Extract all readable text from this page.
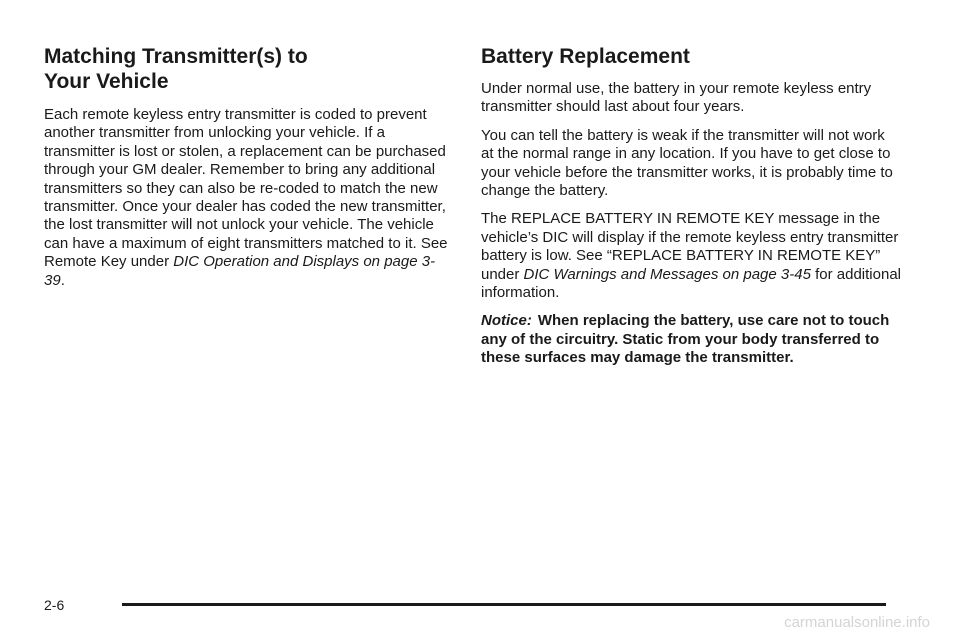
Matching Transmitter(s) to
Your Vehicle

Each remote keyless entry transmitter is coded to prevent another transmitter from unlocking your vehicle. If a transmitter is lost or stolen, a replacement can be purchased through your GM dealer. Remember to bring any additional transmitters so they can also be re-coded to match the new transmitter. Once your dealer has coded the new transmitter, the lost transmitter will not unlock your vehicle. The vehicle can have a maximum of eight transmitters matched to it. See Remote Key under DIC Operation and Displays on page 3-39.

Battery Replacement

Under normal use, the battery in your remote keyless entry transmitter should last about four years.

You can tell the battery is weak if the transmitter will not work at the normal range in any location. If you have to get close to your vehicle before the transmitter works, it is probably time to change the battery.

The REPLACE BATTERY IN REMOTE KEY message in the vehicle’s DIC will display if the remote keyless entry transmitter battery is low. See “REPLACE BATTERY IN REMOTE KEY” under DIC Warnings and Messages on page 3-45 for additional information.

Notice: When replacing the battery, use care not to touch any of the circuitry. Static from your body transferred to these surfaces may damage the transmitter.

2-6
carmanualsonline.info
